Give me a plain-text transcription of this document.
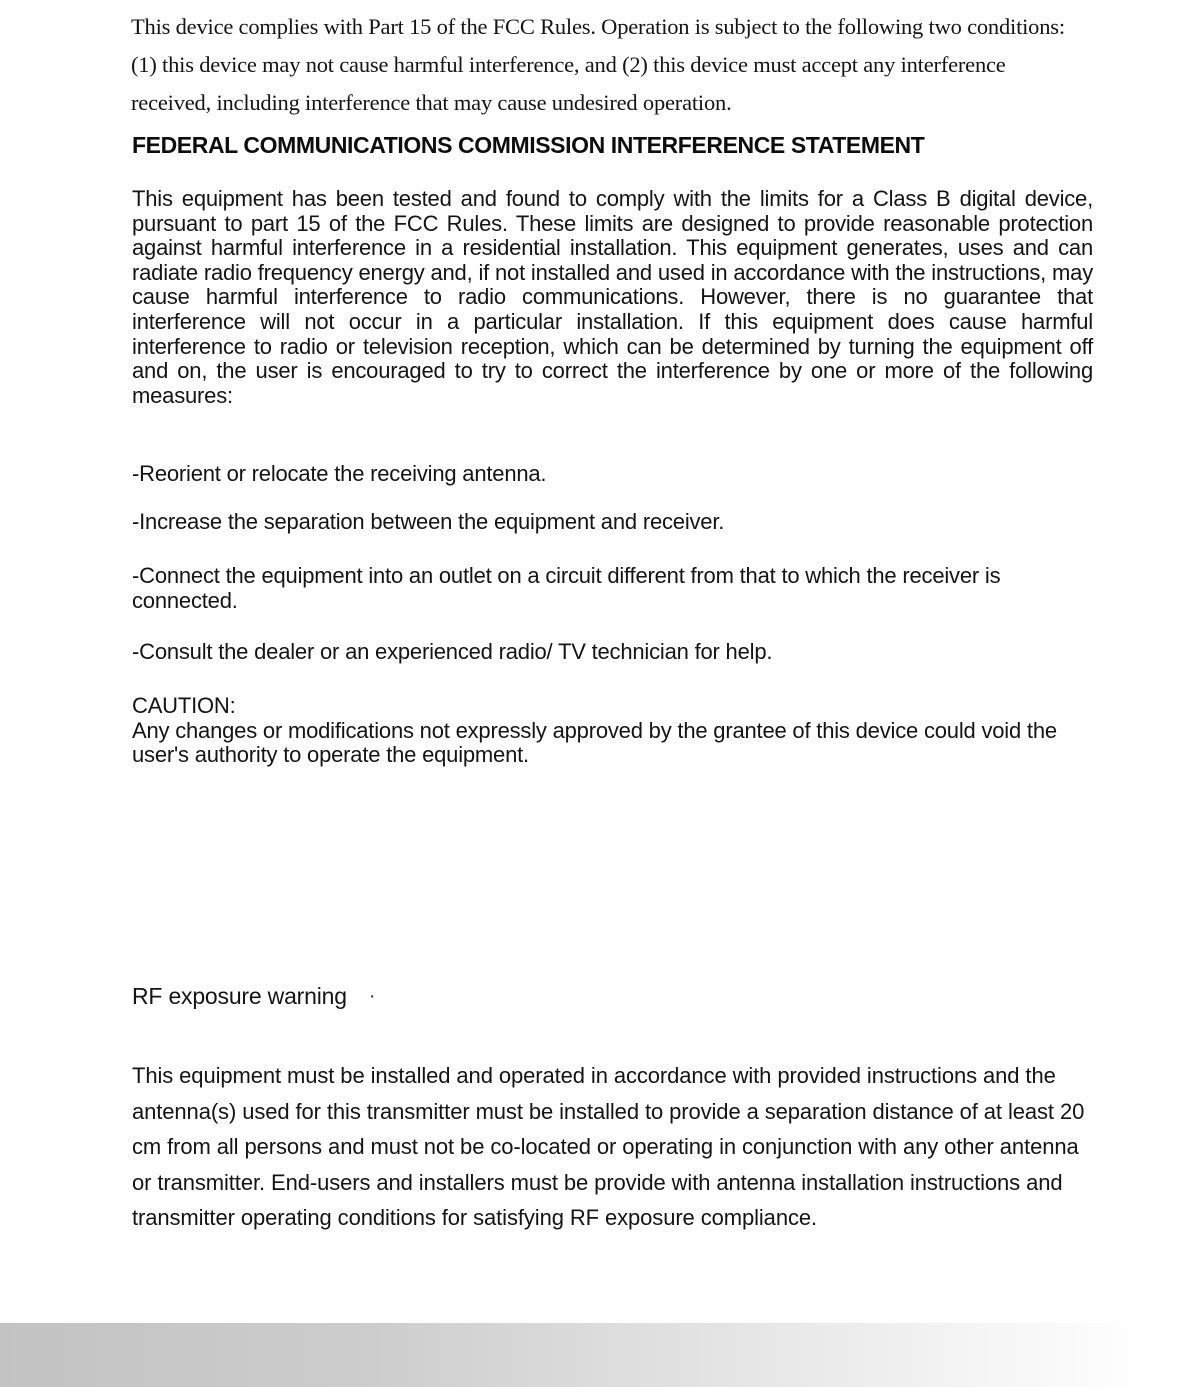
This device complies with Part 15 of the FCC Rules. Operation is subject to the following two conditions: (1) this device may not cause harmful interference, and (2) this device must accept any interference received, including interference that may cause undesired operation.

FEDERAL COMMUNICATIONS COMMISSION INTERFERENCE STATEMENT

This equipment has been tested and found to comply with the limits for a Class B digital device, pursuant to part 15 of the FCC Rules. These limits are designed to provide reasonable protection against harmful interference in a residential installation. This equipment generates, uses and can radiate radio frequency energy and, if not installed and used in accordance with the instructions, may cause harmful interference to radio communications. However, there is no guarantee that interference will not occur in a particular installation. If this equipment does cause harmful interference to radio or television reception, which can be determined by turning the equipment off and on, the user is encouraged to try to correct the interference by one or more of the following measures:

-Reorient or relocate the receiving antenna.
-Increase the separation between the equipment and receiver.
-Connect the equipment into an outlet on a circuit different from that to which the receiver is connected.
-Consult the dealer or an experienced radio/ TV technician for help.
CAUTION:
Any changes or modifications not expressly approved by the grantee of this device could void the user's authority to operate the equipment.
RF exposure warning ·

This equipment must be installed and operated in accordance with provided instructions and the antenna(s) used for this transmitter must be installed to provide a separation distance of at least 20 cm from all persons and must not be co-located or operating in conjunction with any other antenna or transmitter. End-users and installers must be provide with antenna installation instructions and transmitter operating conditions for satisfying RF exposure compliance.
